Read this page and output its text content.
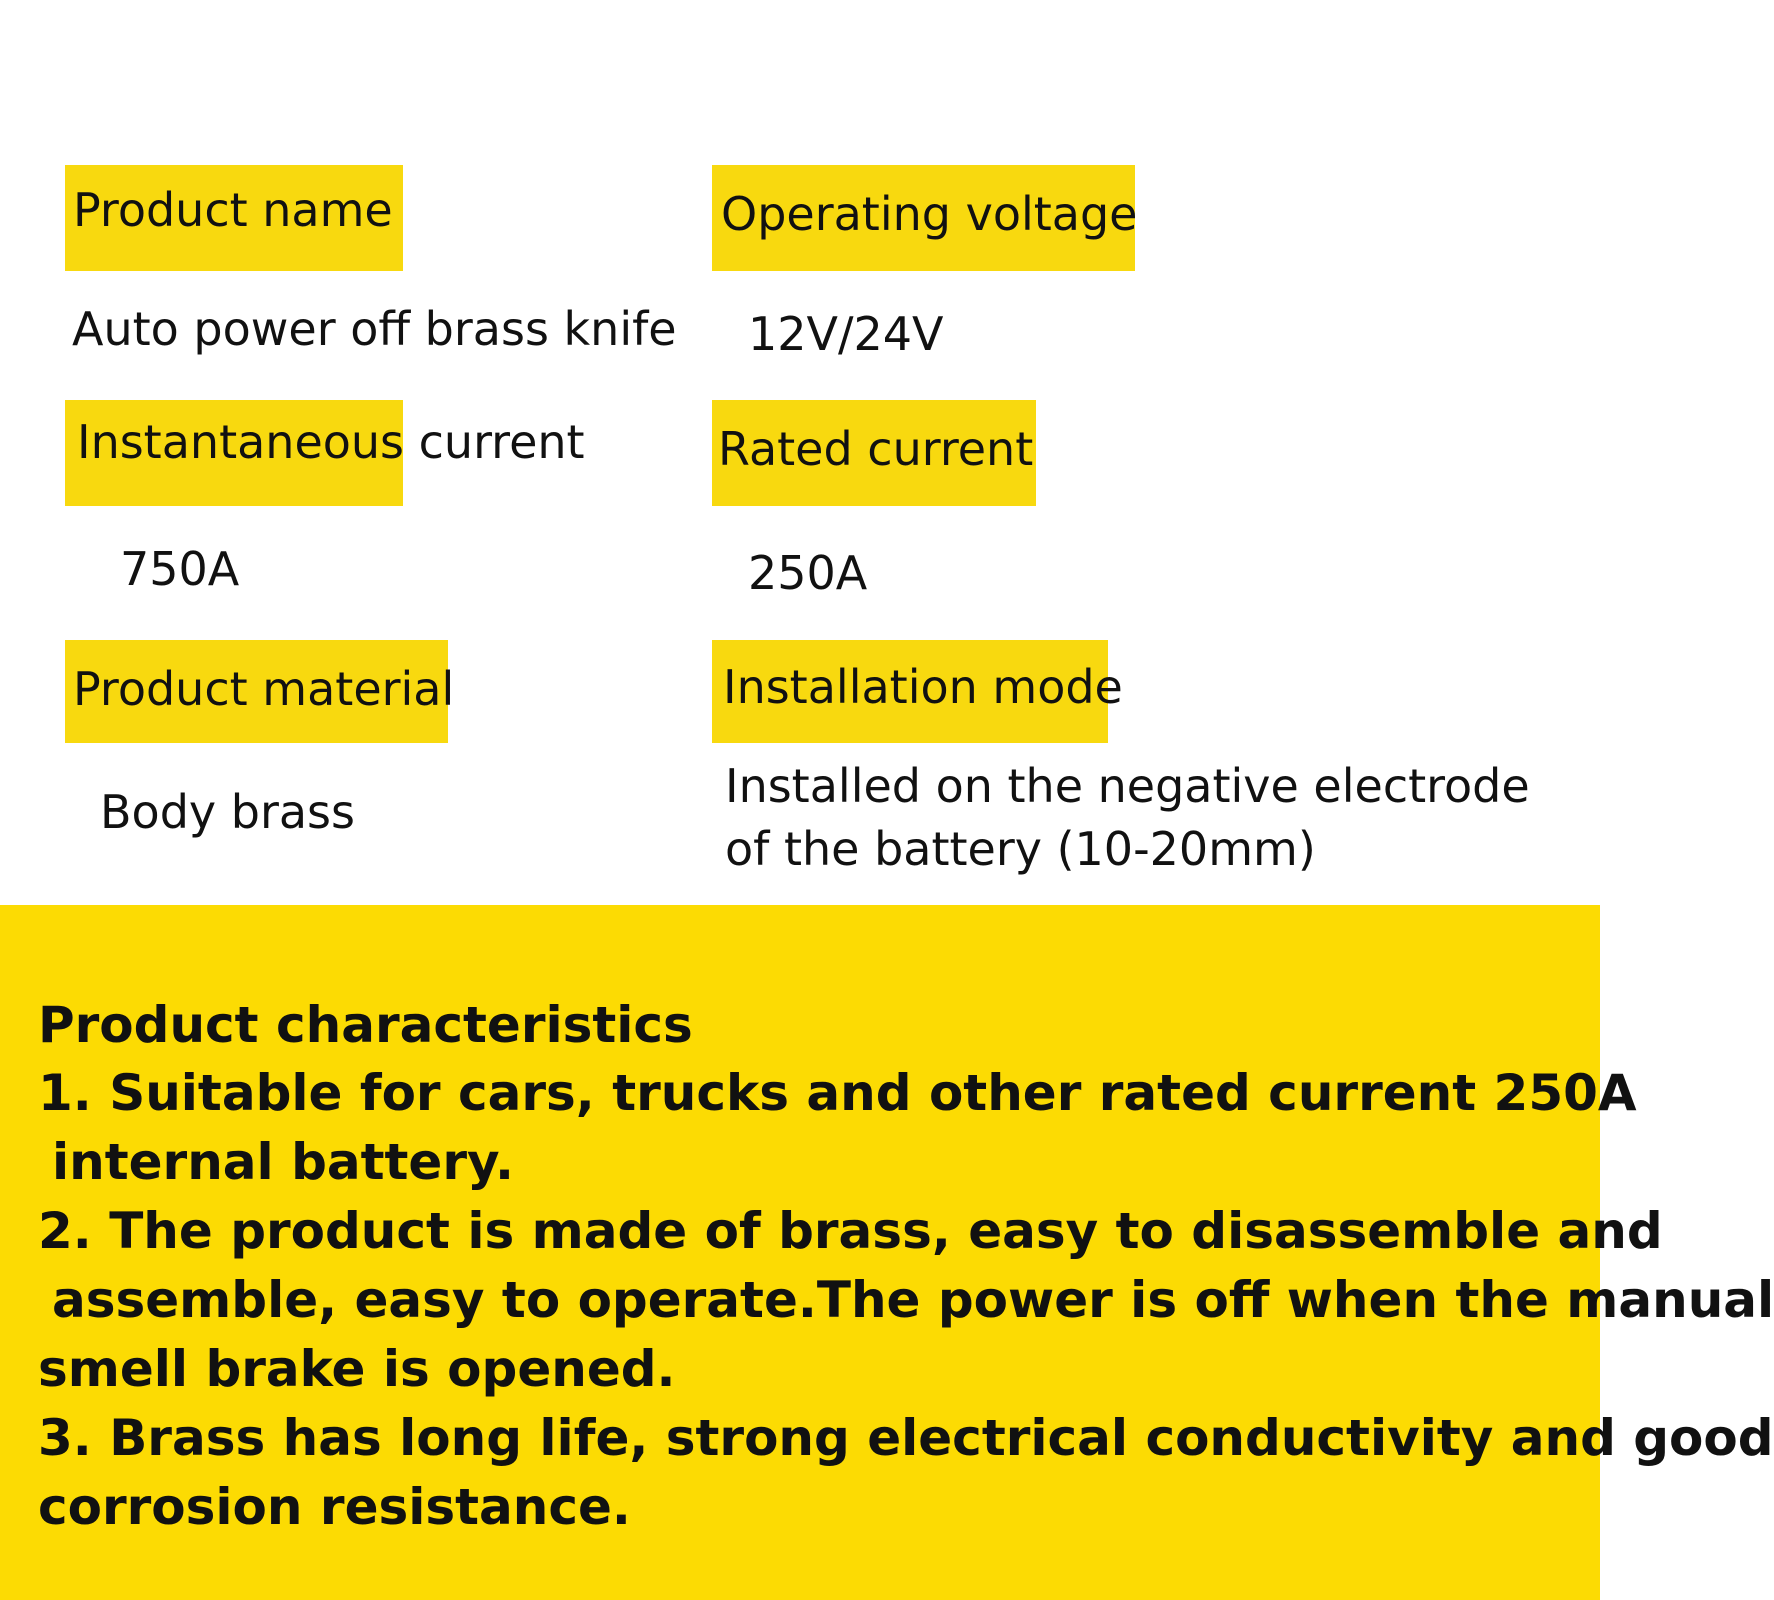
Product name
Auto power off brass knife
Operating voltage
12V/24V
Instantaneous current
750A
Rated current
250A
Product material
Body brass
Installation mode
Installed on the negative electrode of the battery (10-20mm)
Product characteristics
1. Suitable for cars, trucks and other rated current 250A
internal battery.
2. The product is made of brass, easy to disassemble and
assemble, easy to operate.The power is off when the manual
smell brake is opened.
3. Brass has long life, strong electrical conductivity and good
corrosion resistance.
